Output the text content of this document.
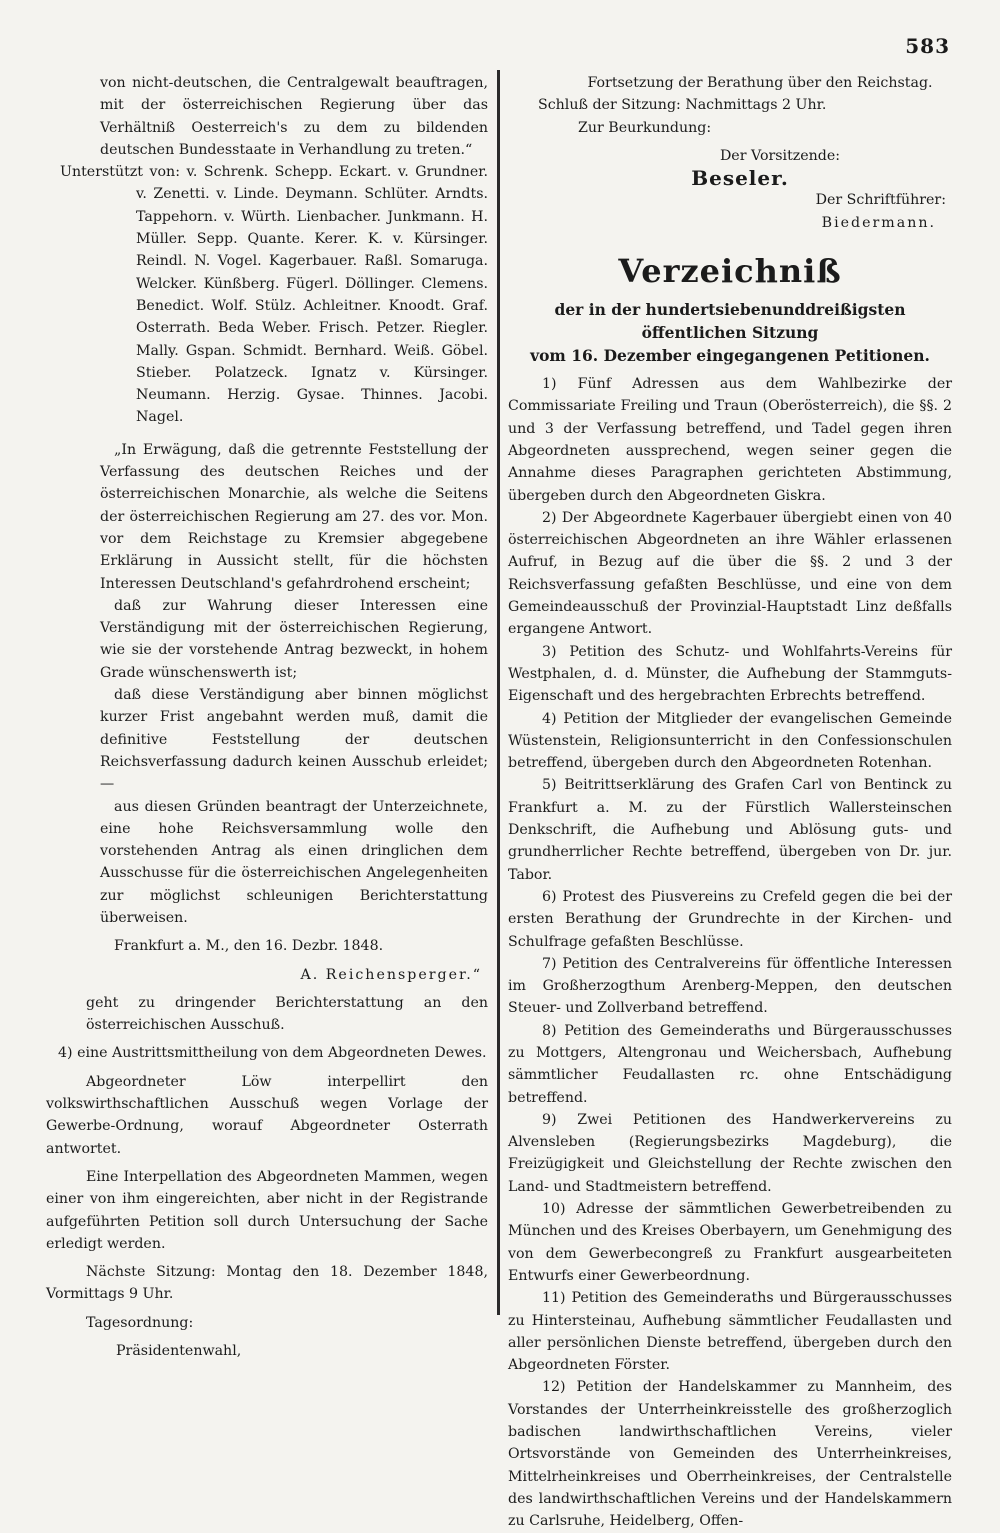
583

von nicht-deutschen, die Centralgewalt beauftragen, mit der österreichischen Regierung über das Verhältniß Oesterreich's zu dem zu bildenden deutschen Bundesstaate in Verhandlung zu treten.“

Unterstützt von: v. Schrenk. Schepp. Eckart. v. Grundner. v. Zenetti. v. Linde. Deymann. Schlüter. Arndts. Tappehorn. v. Würth. Lienbacher. Junkmann. H. Müller. Sepp. Quante. Kerer. K. v. Kürsinger. Reindl. N. Vogel. Kagerbauer. Raßl. Somaruga. Welcker. Künßberg. Fügerl. Döllinger. Clemens. Benedict. Wolf. Stülz. Achleitner. Knoodt. Graf. Osterrath. Beda Weber. Frisch. Petzer. Riegler. Mally. Gspan. Schmidt. Bernhard. Weiß. Göbel. Stieber. Polatzeck. Ignatz v. Kürsinger. Neumann. Herzig. Gysae. Thinnes. Jacobi. Nagel.

„In Erwägung, daß die getrennte Feststellung der Verfassung des deutschen Reiches und der österreichischen Monarchie, als welche die Seitens der österreichischen Regierung am 27. des vor. Mon. vor dem Reichstage zu Kremsier abgegebene Erklärung in Aussicht stellt, für die höchsten Interessen Deutschland's gefahrdrohend erscheint;

daß zur Wahrung dieser Interessen eine Verständigung mit der österreichischen Regierung, wie sie der vorstehende Antrag bezweckt, in hohem Grade wünschenswerth ist;

daß diese Verständigung aber binnen möglichst kurzer Frist angebahnt werden muß, damit die definitive Feststellung der deutschen Reichsverfassung dadurch keinen Ausschub erleidet; —

aus diesen Gründen beantragt der Unterzeichnete, eine hohe Reichsversammlung wolle den vorstehenden Antrag als einen dringlichen dem Ausschusse für die österreichischen Angelegenheiten zur möglichst schleunigen Berichterstattung überweisen.

Frankfurt a. M., den 16. Dezbr. 1848.

A. Reichensperger.“

geht zu dringender Berichterstattung an den österreichischen Ausschuß.

4) eine Austrittsmittheilung von dem Abgeordneten Dewes.

Abgeordneter Löw interpellirt den volkswirthschaftlichen Ausschuß wegen Vorlage der Gewerbe-Ordnung, worauf Abgeordneter Osterrath antwortet.

Eine Interpellation des Abgeordneten Mammen, wegen einer von ihm eingereichten, aber nicht in der Registrande aufgeführten Petition soll durch Untersuchung der Sache erledigt werden.

Nächste Sitzung: Montag den 18. Dezember 1848, Vormittags 9 Uhr.

Tagesordnung:

Präsidentenwahl,

Fortsetzung der Berathung über den Reichstag.

Schluß der Sitzung: Nachmittags 2 Uhr.

Zur Beurkundung:

Der Vorsitzende:

Beseler.

Der Schriftführer:

Biedermann.

Verzeichniß

der in der hundertsiebenunddreißigsten öffentlichen Sitzung

vom 16. Dezember eingegangenen Petitionen.

1) Fünf Adressen aus dem Wahlbezirke der Commissariate Freiling und Traun (Oberösterreich), die §§. 2 und 3 der Verfassung betreffend, und Tadel gegen ihren Abgeordneten aussprechend, wegen seiner gegen die Annahme dieses Paragraphen gerichteten Abstimmung, übergeben durch den Abgeordneten Giskra.

2) Der Abgeordnete Kagerbauer übergiebt einen von 40 österreichischen Abgeordneten an ihre Wähler erlassenen Aufruf, in Bezug auf die über die §§. 2 und 3 der Reichsverfassung gefaßten Beschlüsse, und eine von dem Gemeindeausschuß der Provinzial-Hauptstadt Linz deßfalls ergangene Antwort.

3) Petition des Schutz- und Wohlfahrts-Vereins für Westphalen, d. d. Münster, die Aufhebung der Stammguts-Eigenschaft und des hergebrachten Erbrechts betreffend.

4) Petition der Mitglieder der evangelischen Gemeinde Wüstenstein, Religionsunterricht in den Confessionschulen betreffend, übergeben durch den Abgeordneten Rotenhan.

5) Beitrittserklärung des Grafen Carl von Bentinck zu Frankfurt a. M. zu der Fürstlich Wallersteinschen Denkschrift, die Aufhebung und Ablösung guts- und grundherrlicher Rechte betreffend, übergeben von Dr. jur. Tabor.

6) Protest des Piusvereins zu Crefeld gegen die bei der ersten Berathung der Grundrechte in der Kirchen- und Schulfrage gefaßten Beschlüsse.

7) Petition des Centralvereins für öffentliche Interessen im Großherzogthum Arenberg-Meppen, den deutschen Steuer- und Zollverband betreffend.

8) Petition des Gemeinderaths und Bürgerausschusses zu Mottgers, Altengronau und Weichersbach, Aufhebung sämmtlicher Feudallasten rc. ohne Entschädigung betreffend.

9) Zwei Petitionen des Handwerkervereins zu Alvensleben (Regierungsbezirks Magdeburg), die Freizügigkeit und Gleichstellung der Rechte zwischen den Land- und Stadtmeistern betreffend.

10) Adresse der sämmtlichen Gewerbetreibenden zu München und des Kreises Oberbayern, um Genehmigung des von dem Gewerbecongreß zu Frankfurt ausgearbeiteten Entwurfs einer Gewerbeordnung.

11) Petition des Gemeinderaths und Bürgerausschusses zu Hintersteinau, Aufhebung sämmtlicher Feudallasten und aller persönlichen Dienste betreffend, übergeben durch den Abgeordneten Förster.

12) Petition der Handelskammer zu Mannheim, des Vorstandes der Unterrheinkreisstelle des großherzoglich badischen landwirthschaftlichen Vereins, vieler Ortsvorstände von Gemeinden des Unterrheinkreises, Mittelrheinkreises und Oberrheinkreises, der Centralstelle des landwirthschaftlichen Vereins und der Handelskammern zu Carlsruhe, Heidelberg, Offen-
